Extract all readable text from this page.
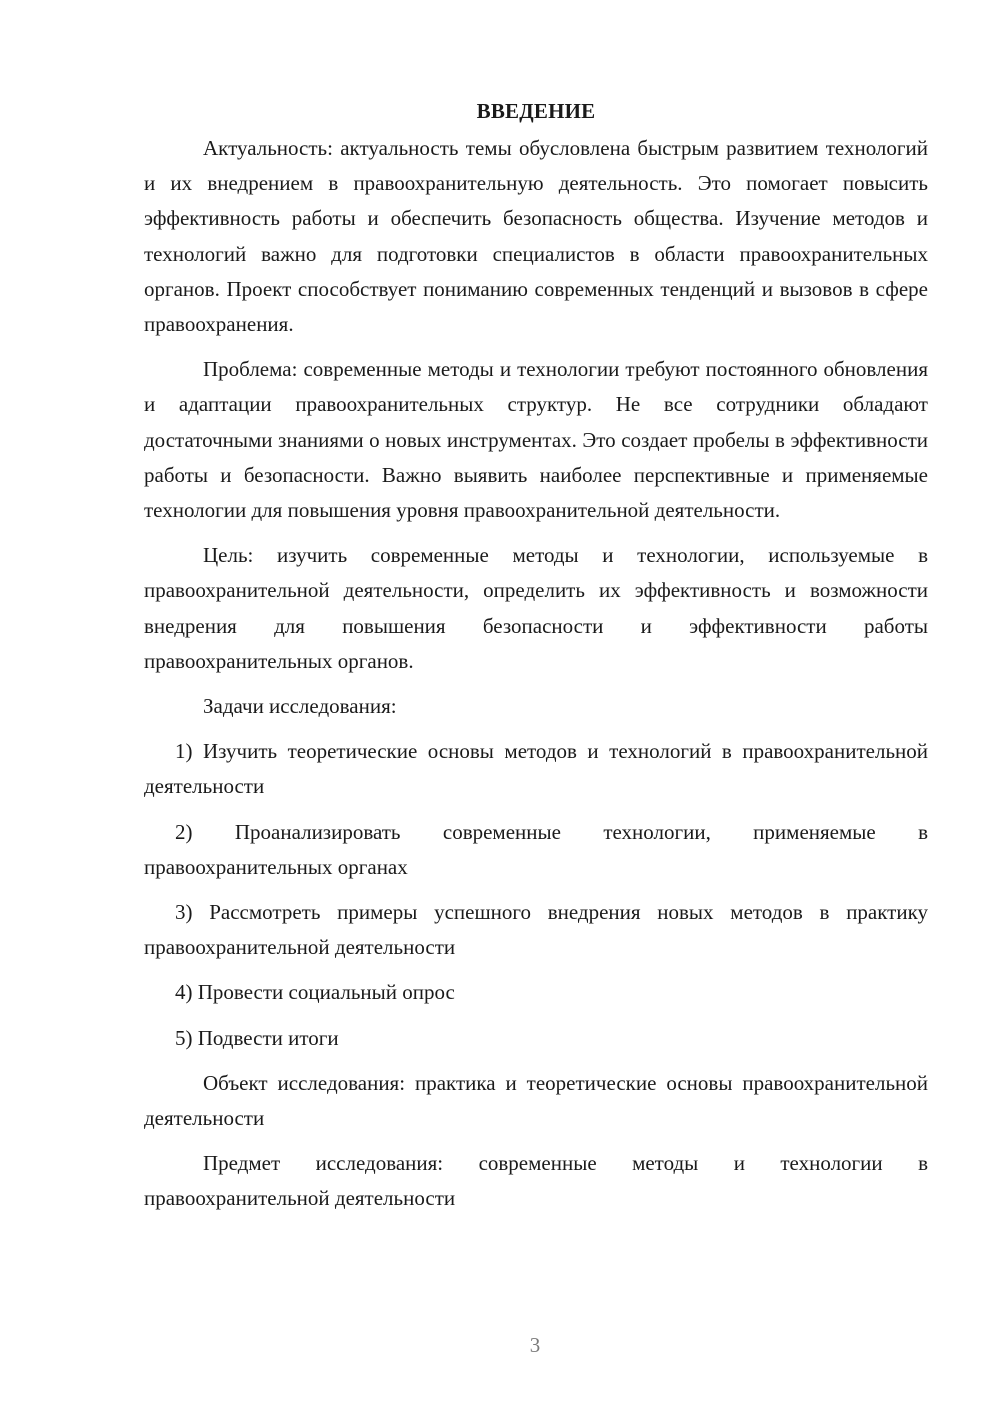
ВВЕДЕНИЕ

Актуальность: актуальность темы обусловлена быстрым развитием технологий и их внедрением в правоохранительную деятельность. Это помогает повысить эффективность работы и обеспечить безопасность общества. Изучение методов и технологий важно для подготовки специалистов в области правоохранительных органов. Проект способствует пониманию современных тенденций и вызовов в сфере правоохранения.

Проблема: современные методы и технологии требуют постоянного обновления и адаптации правоохранительных структур. Не все сотрудники обладают достаточными знаниями о новых инструментах. Это создает пробелы в эффективности работы и безопасности. Важно выявить наиболее перспективные и применяемые технологии для повышения уровня правоохранительной деятельности.

Цель: изучить современные методы и технологии, используемые в правоохранительной деятельности, определить их эффективность и возможности внедрения для повышения безопасности и эффективности работы правоохранительных органов.

Задачи исследования:

1) Изучить теоретические основы методов и технологий в правоохранительной деятельности

2) Проанализировать современные технологии, применяемые в правоохранительных органах

3) Рассмотреть примеры успешного внедрения новых методов в практику правоохранительной деятельности

4) Провести социальный опрос

5) Подвести итоги

Объект исследования: практика и теоретические основы правоохранительной деятельности

Предмет исследования: современные методы и технологии в правоохранительной деятельности

3
